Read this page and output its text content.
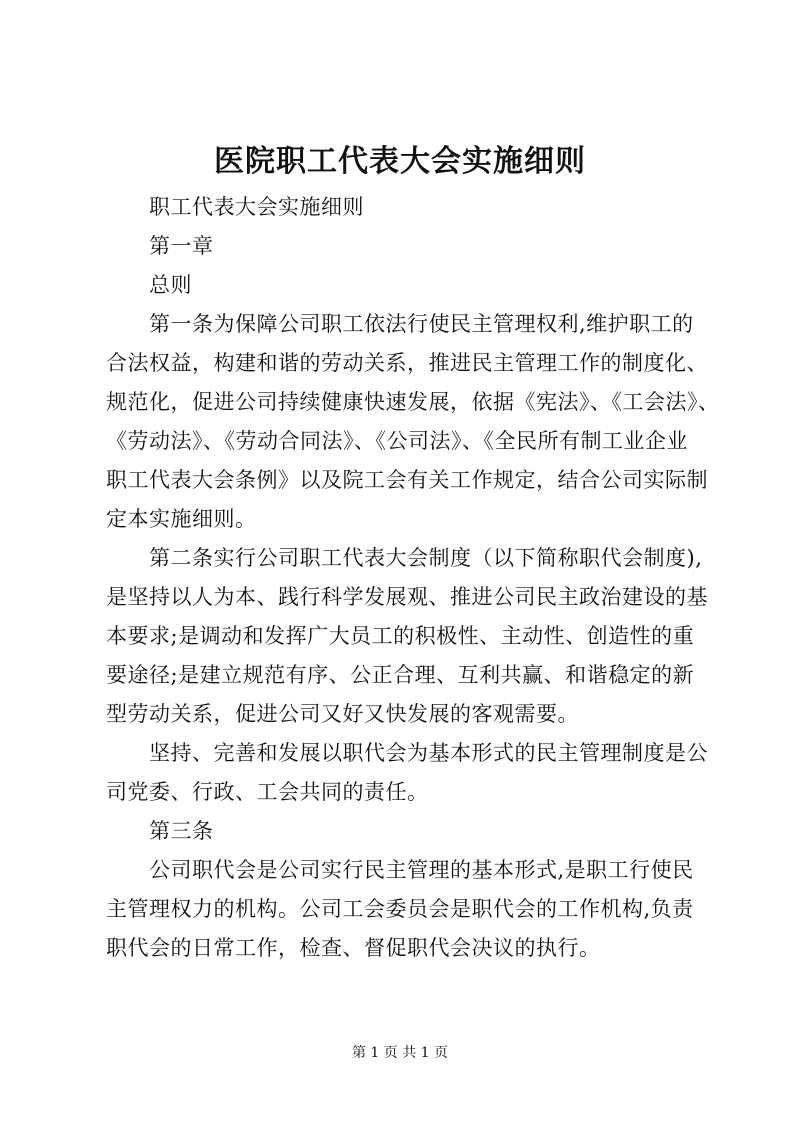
医院职工代表大会实施细则
职工代表大会实施细则
第一章
总则
第一条为保障公司职工依法行使民主管理权利,维护职工的
合法权益，构建和谐的劳动关系，推进民主管理工作的制度化、
规范化，促进公司持续健康快速发展，依据《宪法》、《工会法》、
《劳动法》、《劳动合同法》、《公司法》、《全民所有制工业企业
职工代表大会条例》以及院工会有关工作规定，结合公司实际制
定本实施细则。
第二条实行公司职工代表大会制度（以下简称职代会制度),
是坚持以人为本、践行科学发展观、推进公司民主政治建设的基
本要求;是调动和发挥广大员工的积极性、主动性、创造性的重
要途径;是建立规范有序、公正合理、互利共赢、和谐稳定的新
型劳动关系，促进公司又好又快发展的客观需要。
坚持、完善和发展以职代会为基本形式的民主管理制度是公
司党委、行政、工会共同的责任。
第三条
公司职代会是公司实行民主管理的基本形式,是职工行使民
主管理权力的机构。公司工会委员会是职代会的工作机构,负责
职代会的日常工作，检查、督促职代会决议的执行。
第 1 页 共 1 页
